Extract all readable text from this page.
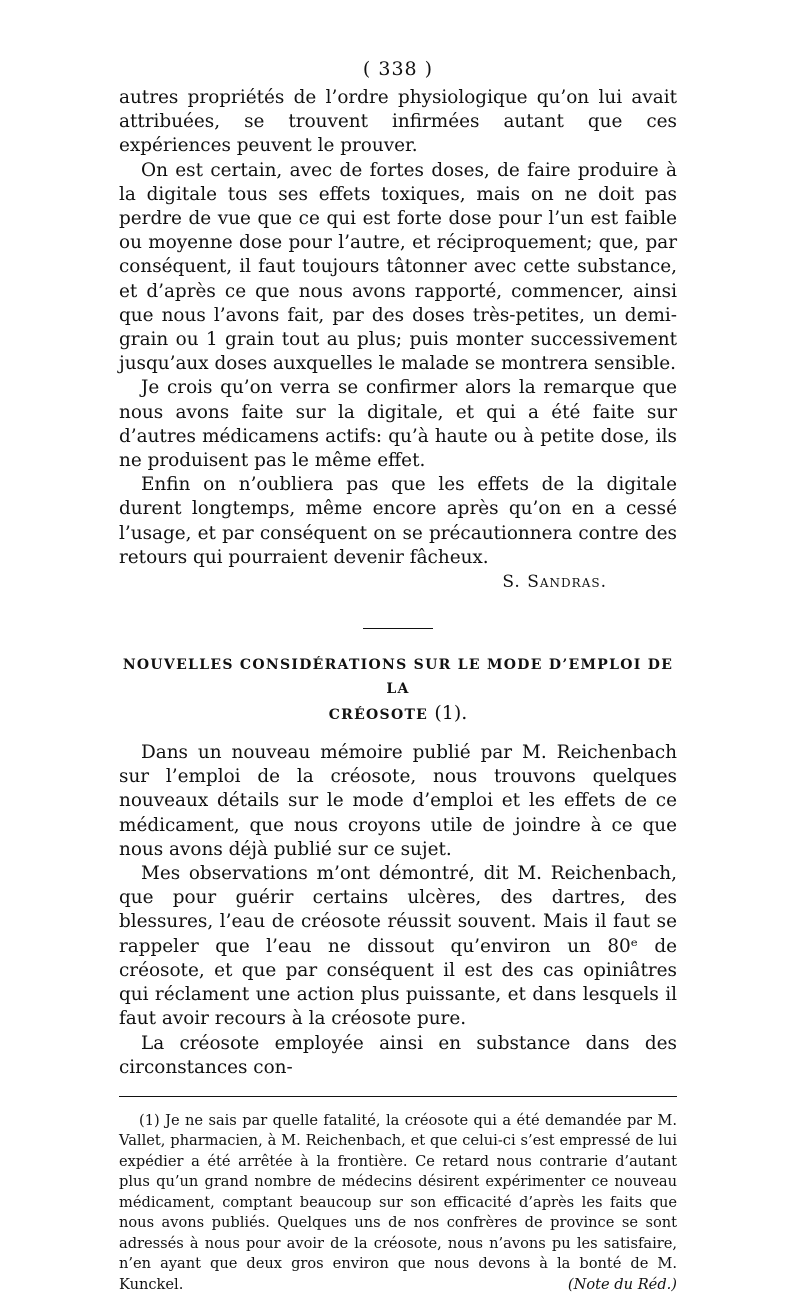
( 338 )

autres propriétés de l’ordre physiologique qu’on lui avait attribuées, se trouvent infirmées autant que ces expériences peuvent le prouver.

On est certain, avec de fortes doses, de faire produire à la digitale tous ses effets toxiques, mais on ne doit pas perdre de vue que ce qui est forte dose pour l’un est faible ou moyenne dose pour l’autre, et réciproquement; que, par conséquent, il faut toujours tâtonner avec cette substance, et d’après ce que nous avons rapporté, commencer, ainsi que nous l’avons fait, par des doses très-petites, un demi-grain ou 1 grain tout au plus; puis monter successivement jusqu’aux doses auxquelles le malade se montrera sensible.

Je crois qu’on verra se confirmer alors la remarque que nous avons faite sur la digitale, et qui a été faite sur d’autres médicamens actifs: qu’à haute ou à petite dose, ils ne produisent pas le même effet.

Enfin on n’oubliera pas que les effets de la digitale durent longtemps, même encore après qu’on en a cessé l’usage, et par conséquent on se précautionnera contre des retours qui pourraient devenir fâcheux.

S. Sandras.
NOUVELLES CONSIDÉRATIONS SUR LE MODE D’EMPLOI DE LA
CRÉOSOTE (1).

Dans un nouveau mémoire publié par M. Reichenbach sur l’emploi de la créosote, nous trouvons quelques nouveaux détails sur le mode d’emploi et les effets de ce médicament, que nous croyons utile de joindre à ce que nous avons déjà publié sur ce sujet.

Mes observations m’ont démontré, dit M. Reichenbach, que pour guérir certains ulcères, des dartres, des blessures, l’eau de créosote réussit souvent. Mais il faut se rappeler que l’eau ne dissout qu’environ un 80ᵉ de créosote, et que par conséquent il est des cas opiniâtres qui réclament une action plus puissante, et dans lesquels il faut avoir recours à la créosote pure.

La créosote employée ainsi en substance dans des circonstances con-

(1) Je ne sais par quelle fatalité, la créosote qui a été demandée par M. Vallet, pharmacien, à M. Reichenbach, et que celui-ci s’est empressé de lui expédier a été arrêtée à la frontière. Ce retard nous contrarie d’autant plus qu’un grand nombre de médecins désirent expérimenter ce nouveau médicament, comptant beaucoup sur son efficacité d’après les faits que nous avons publiés. Quelques uns de nos confrères de province se sont adressés à nous pour avoir de la créosote, nous n’avons pu les satisfaire, n’en ayant que deux gros environ que nous devons à la bonté de M. Kunckel.	(Note du Réd.)
